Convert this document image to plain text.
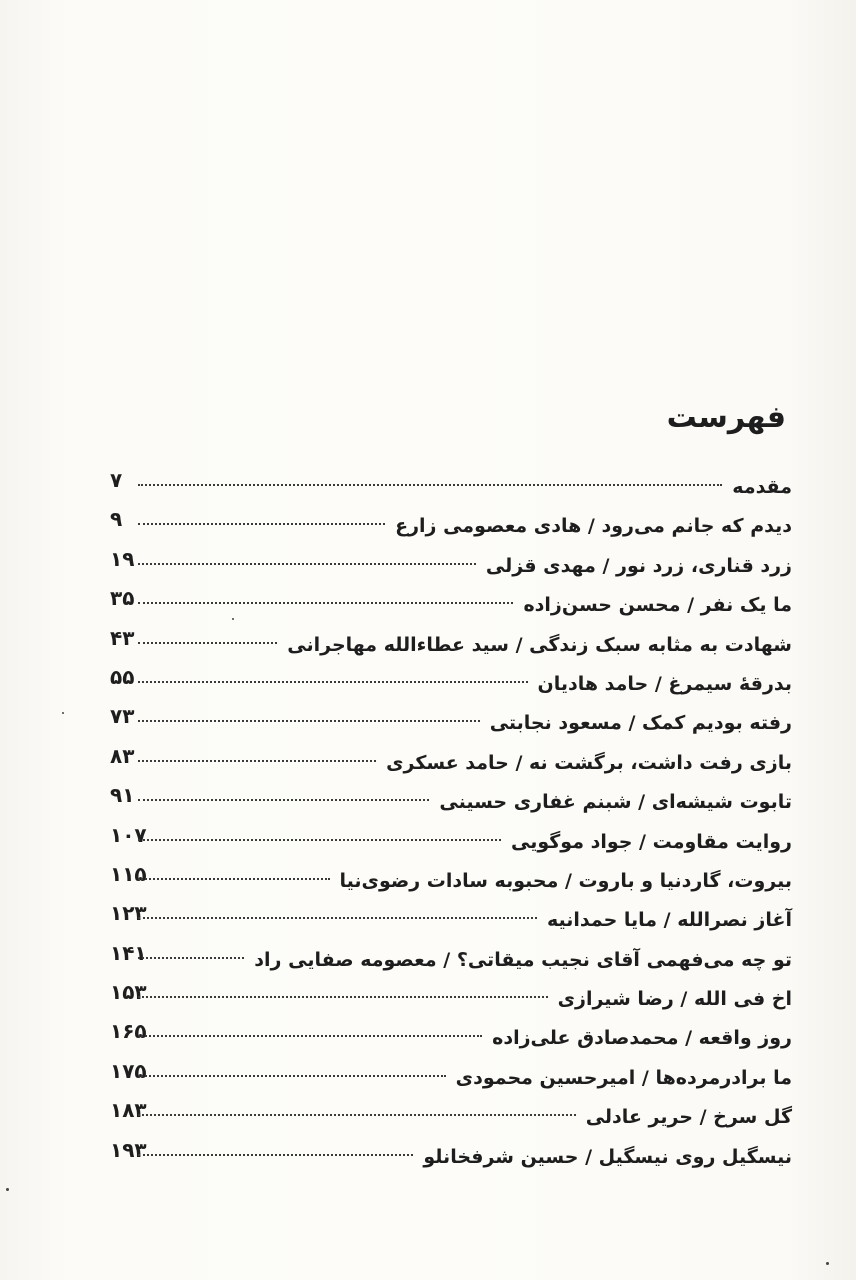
فهرست
۷	مقدمه
۹	دیدم که جانم می‌رود / هادی معصومی زارع
۱۹	زرد قناری، زرد نور / مهدی قزلی
۳۵	ما یک نفر / محسن حسن‌زاده
۴۳	شهادت به مثابه سبک زندگی / سید عطاءالله مهاجرانی
۵۵	بدرقهٔ سیمرغ / حامد هادیان
۷۳	رفته بودیم کمک / مسعود نجابتی
۸۳	بازی رفت داشت، برگشت نه / حامد عسکری
۹۱	تابوت شیشه‌ای / شبنم غفاری حسینی
۱۰۷	روایت مقاومت / جواد موگویی
۱۱۵	بیروت، گاردنیا و باروت / محبوبه سادات رضوی‌نیا
۱۲۳	آغاز نصرالله / مایا حمدانیه
۱۴۱	تو چه می‌فهمی آقای نجیب میقاتی؟ / معصومه صفایی راد
۱۵۳	اخ فی الله / رضا شیرازی
۱۶۵	روز واقعه / محمدصادق علی‌زاده
۱۷۵	ما برادرمرده‌ها / امیرحسین محمودی
۱۸۳	گل سرخ / حریر عادلی
۱۹۳	نیسگیل روی نیسگیل / حسین شرفخانلو
